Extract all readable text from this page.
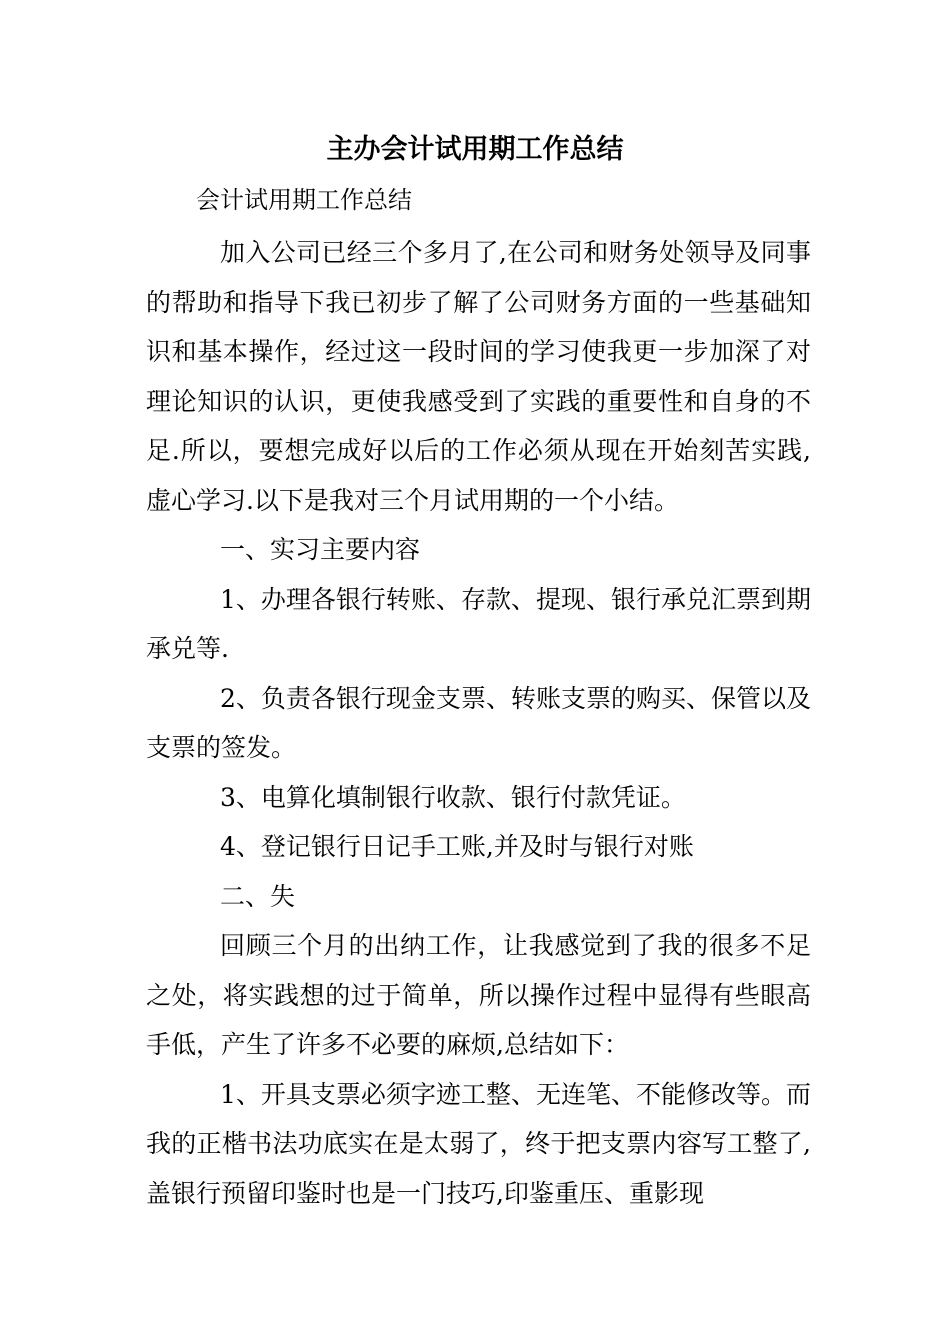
主办会计试用期工作总结

会计试用期工作总结

加入公司已经三个多月了,在公司和财务处领导及同事的帮助和指导下我已初步了解了公司财务方面的一些基础知识和基本操作，经过这一段时间的学习使我更一步加深了对理论知识的认识，更使我感受到了实践的重要性和自身的不足.所以，要想完成好以后的工作必须从现在开始刻苦实践,虚心学习.以下是我对三个月试用期的一个小结。

一、实习主要内容

1、办理各银行转账、存款、提现、银行承兑汇票到期承兑等.

2、负责各银行现金支票、转账支票的购买、保管以及支票的签发。

3、电算化填制银行收款、银行付款凭证。

4、登记银行日记手工账,并及时与银行对账

二、失

回顾三个月的出纳工作，让我感觉到了我的很多不足之处，将实践想的过于简单，所以操作过程中显得有些眼高手低，产生了许多不必要的麻烦,总结如下：

1、开具支票必须字迹工整、无连笔、不能修改等。而我的正楷书法功底实在是太弱了，终于把支票内容写工整了,盖银行预留印鉴时也是一门技巧,印鉴重压、重影现
